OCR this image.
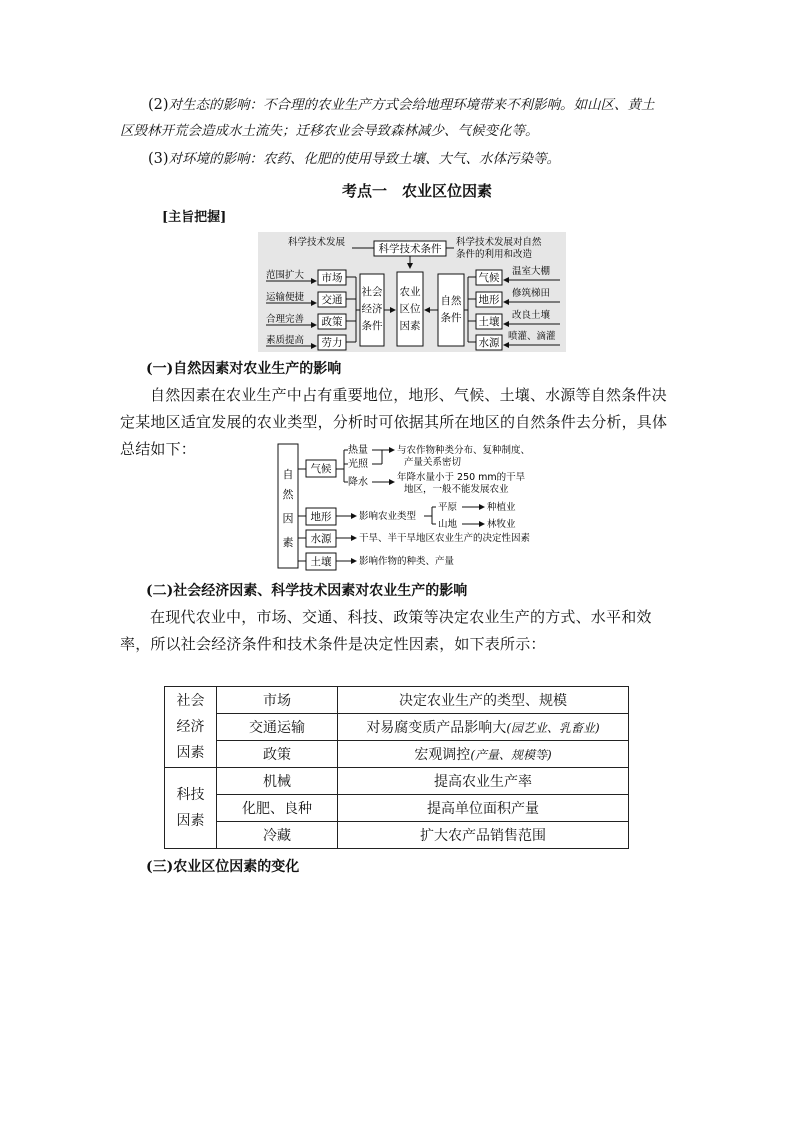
(2)对生态的影响：不合理的农业生产方式会给地理环境带来不利影响。如山区、黄土
区毁林开荒会造成水土流失；迁移农业会导致森林减少、气候变化等。
(3)对环境的影响：农药、化肥的使用导致土壤、大气、水体污染等。
考点一　农业区位因素
[主旨把握]
科学技术发展
科学技术条件
科学技术发展对自然
条件的利用和改造
范围扩大
运输便捷
合理完善
素质提高
市场
交通
政策
劳力
社会
经济
条件
农业
区位
因素
自然
条件
气候
地形
土壤
水源
温室大棚
修筑梯田
改良土壤
喷灌、滴灌
(一)自然因素对农业生产的影响
自然因素在农业生产中占有重要地位，地形、气候、土壤、水源等自然条件决定某地区适宜发展的农业类型，分析时可依据其所在地区的自然条件去分析，具体总结如下：
自
然
因
素
气候
热量
光照
降水
与农作物种类分布、复种制度、
产量关系密切
年降水量小于 250 mm的干旱
地区，一般不能发展农业
地形	影响农业类型
平原
山地
种植业
林牧业
水源	干旱、半干旱地区农业生产的决定性因素
土壤	影响作物的种类、产量
(二)社会经济因素、科学技术因素对农业生产的影响
在现代农业中，市场、交通、科技、政策等决定农业生产的方式、水平和效率，所以社会经济条件和技术条件是决定性因素，如下表所示：
社会
经济
因素	市场	决定农业生产的类型、规模
	交通运输	对易腐变质产品影响大(园艺业、乳畜业)
	政策	宏观调控(产量、规模等)
科技
因素	机械	提高农业生产率
	化肥、良种	提高单位面积产量
	冷藏	扩大农产品销售范围
(三)农业区位因素的变化
